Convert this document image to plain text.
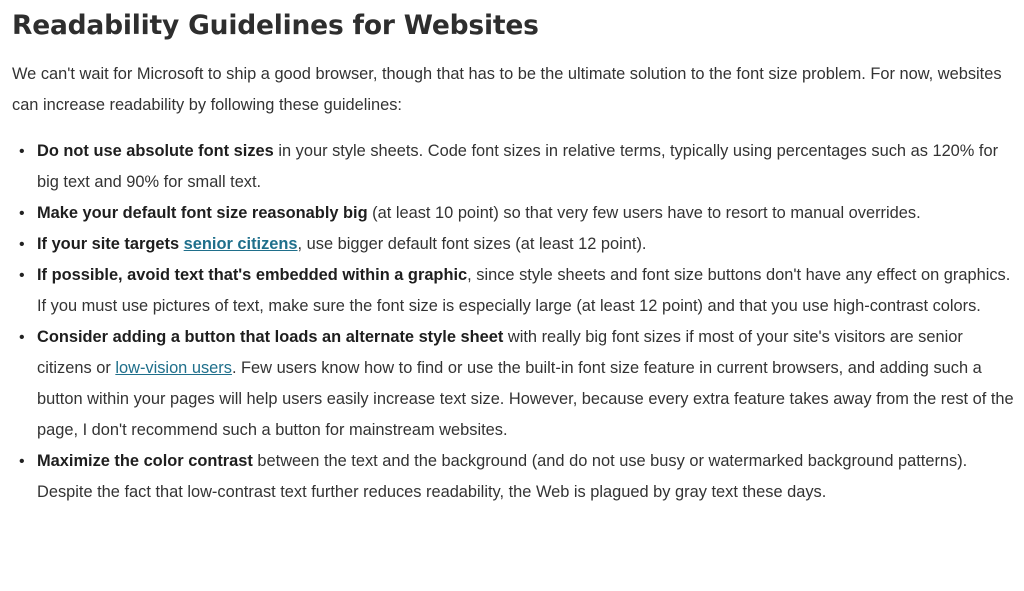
Readability Guidelines for Websites

We can't wait for Microsoft to ship a good browser, though that has to be the ultimate solution to the font size problem. For now, websites can increase readability by following these guidelines:

• Do not use absolute font sizes in your style sheets. Code font sizes in relative terms, typically using percentages such as 120% for big text and 90% for small text.
• Make your default font size reasonably big (at least 10 point) so that very few users have to resort to manual overrides.
• If your site targets senior citizens, use bigger default font sizes (at least 12 point).
• If possible, avoid text that's embedded within a graphic, since style sheets and font size buttons don't have any effect on graphics. If you must use pictures of text, make sure the font size is especially large (at least 12 point) and that you use high-contrast colors.
• Consider adding a button that loads an alternate style sheet with really big font sizes if most of your site's visitors are senior citizens or low-vision users. Few users know how to find or use the built-in font size feature in current browsers, and adding such a button within your pages will help users easily increase text size. However, because every extra feature takes away from the rest of the page, I don't recommend such a button for mainstream websites.
• Maximize the color contrast between the text and the background (and do not use busy or watermarked background patterns). Despite the fact that low-contrast text further reduces readability, the Web is plagued by gray text these days.
